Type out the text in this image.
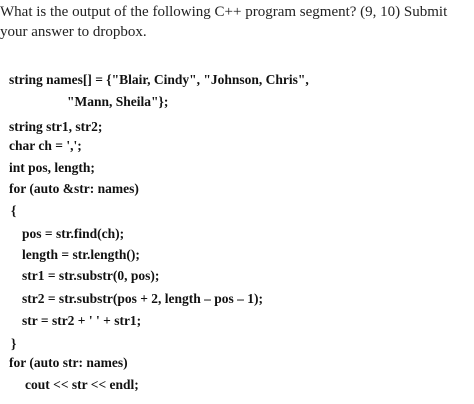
What is the output of the following C++ program segment? (9, 10) Submit
your answer to dropbox.
string names[] = {"Blair, Cindy", "Johnson, Chris",
"Mann, Sheila"};
string str1, str2;
char ch = ',';
int pos, length;
for (auto &str: names)
{
pos = str.find(ch);
length = str.length();
str1 = str.substr(0, pos);
str2 = str.substr(pos + 2, length – pos – 1);
str = str2 + ' ' + str1;
}
for (auto str: names)
cout << str << endl;
